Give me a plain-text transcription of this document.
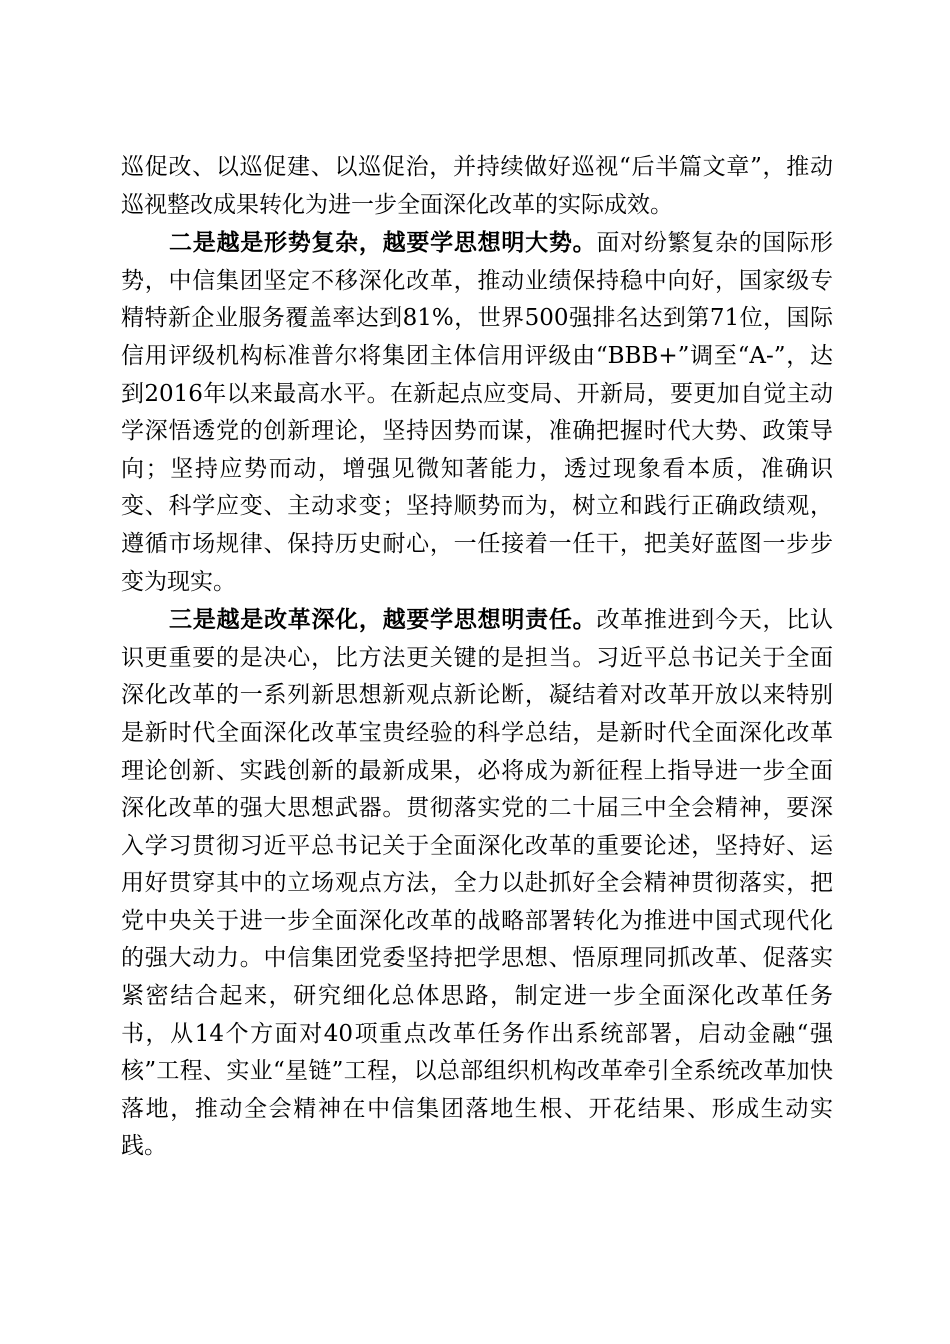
巡促改、以巡促建、以巡促治，并持续做好巡视“后半篇文章”，推动巡视整改成果转化为进一步全面深化改革的实际成效。

二是越是形势复杂，越要学思想明大势。面对纷繁复杂的国际形势，中信集团坚定不移深化改革，推动业绩保持稳中向好，国家级专精特新企业服务覆盖率达到81%，世界500强排名达到第71位，国际信用评级机构标准普尔将集团主体信用评级由“BBB+”调至“A-”，达到2016年以来最高水平。在新起点应变局、开新局，要更加自觉主动学深悟透党的创新理论，坚持因势而谋，准确把握时代大势、政策导向；坚持应势而动，增强见微知著能力，透过现象看本质，准确识变、科学应变、主动求变；坚持顺势而为，树立和践行正确政绩观，遵循市场规律、保持历史耐心，一任接着一任干，把美好蓝图一步步变为现实。

三是越是改革深化，越要学思想明责任。改革推进到今天，比认识更重要的是决心，比方法更关键的是担当。习近平总书记关于全面深化改革的一系列新思想新观点新论断，凝结着对改革开放以来特别是新时代全面深化改革宝贵经验的科学总结，是新时代全面深化改革理论创新、实践创新的最新成果，必将成为新征程上指导进一步全面深化改革的强大思想武器。贯彻落实党的二十届三中全会精神，要深入学习贯彻习近平总书记关于全面深化改革的重要论述，坚持好、运用好贯穿其中的立场观点方法，全力以赴抓好全会精神贯彻落实，把党中央关于进一步全面深化改革的战略部署转化为推进中国式现代化的强大动力。中信集团党委坚持把学思想、悟原理同抓改革、促落实紧密结合起来，研究细化总体思路，制定进一步全面深化改革任务书，从14个方面对40项重点改革任务作出系统部署，启动金融“强核”工程、实业“星链”工程，以总部组织机构改革牵引全系统改革加快落地，推动全会精神在中信集团落地生根、开花结果、形成生动实践。
